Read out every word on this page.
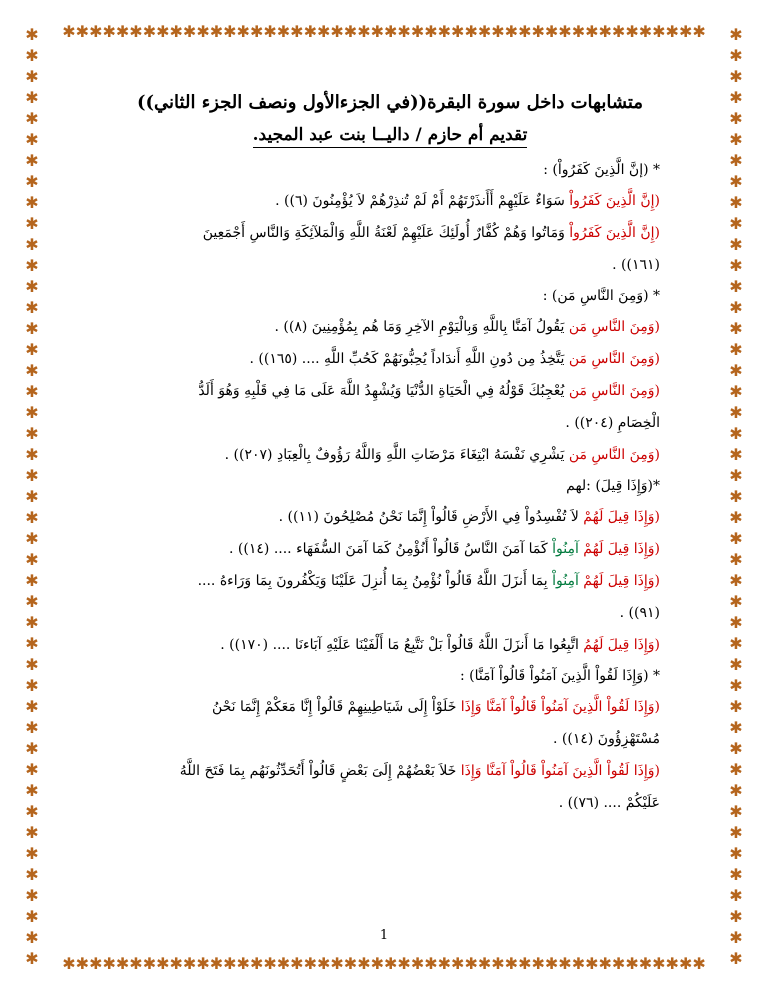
✱✱✱✱✱✱✱✱✱✱✱✱✱✱✱✱✱✱✱✱✱✱✱✱✱✱✱✱✱✱✱✱✱✱✱✱✱✱✱✱✱✱✱✱✱✱✱✱
✱✱✱✱✱✱✱✱✱✱✱✱✱✱✱✱✱✱✱✱✱✱✱✱✱✱✱✱✱✱✱✱✱✱✱✱✱✱✱✱✱✱✱✱✱✱✱✱
✱
✱
✱
✱
✱
✱
✱
✱
✱
✱
✱
✱
✱
✱
✱
✱
✱
✱
✱
✱
✱
✱
✱
✱
✱
✱
✱
✱
✱
✱
✱
✱
✱
✱
✱
✱
✱
✱
✱
✱
✱
✱
✱
✱
✱

✱
✱
✱
✱
✱
✱
✱
✱
✱
✱
✱
✱
✱
✱
✱
✱
✱
✱
✱
✱
✱
✱
✱
✱
✱
✱
✱
✱
✱
✱
✱
✱
✱
✱
✱
✱
✱
✱
✱
✱
✱
✱
✱
✱
✱

متشابهات داخل سورة البقرة((في الجزءالأول ونصف الجزء الثاني))
تقديم أم حازم / داليــا بنت عبد المجيد.
* (إنَّ الَّذِينَ كَفَرُواْ) :
(إِنَّ الَّذِينَ كَفَرُواْ سَوَاءٌ عَلَيْهِمْ أَأَنذَرْتَهُمْ أَمْ لَمْ تُنذِرْهُمْ لاَ يُؤْمِنُونَ (٦)) .
(إِنَّ الَّذِينَ كَفَرُواْ وَمَاتُوا وَهُمْ كُفَّارٌ أُولَئِكَ عَلَيْهِمْ لَعْنَةُ اللَّهِ وَالْمَلآئِكَةِ وَالنَّاسِ أَجْمَعِينَ
(١٦١)) .
* (وَمِنَ النَّاسِ مَن) :
(وَمِنَ النَّاسِ مَن يَقُولُ آمَنَّا بِاللَّهِ وَبِالْيَوْمِ الآخِرِ وَمَا هُم بِمُؤْمِنِينَ (٨)) .
(وَمِنَ النَّاسِ مَن يَتَّخِذُ مِن دُونِ اللَّهِ أَندَاداً يُحِبُّونَهُمْ كَحُبِّ اللَّهِ .... (١٦٥)) .
(وَمِنَ النَّاسِ مَن يُعْجِبُكَ قَوْلُهُ فِي الْحَيَاةِ الدُّنْيَا وَيُشْهِدُ اللَّهَ عَلَى مَا فِي قَلْبِهِ وَهُوَ أَلَدُّ
الْخِصَامِ (٢٠٤)) .
(وَمِنَ النَّاسِ مَن يَشْرِي نَفْسَهُ ابْتِغَاءَ مَرْضَاتِ اللَّهِ وَاللَّهُ رَؤُوفٌ بِالْعِبَادِ (٢٠٧)) .
*(وَإِذَا قِيلَ) :لهم
(وَإِذَا قِيلَ لَهُمْ لاَ تُفْسِدُواْ فِي الأَرْضِ قَالُواْ إِنَّمَا نَحْنُ مُصْلِحُونَ (١١)) .
(وَإِذَا قِيلَ لَهُمْ آمِنُواْ كَمَا آمَنَ النَّاسُ قَالُواْ أَنُؤْمِنُ كَمَا آمَنَ السُّفَهَاء .... (١٤)) .
(وَإِذَا قِيلَ لَهُمْ آمِنُواْ بِمَا أَنزَلَ اللَّهُ قَالُواْ نُؤْمِنُ بِمَا أُنزِلَ عَلَيْنَا وَيَكْفُرونَ بِمَا وَرَاءهُ ....
(٩١)) .
(وَإِذَا قِيلَ لَهُمُ اتَّبِعُوا مَا أَنزَلَ اللَّهُ قَالُواْ بَلْ نَتَّبِعُ مَا أَلْفَيْنَا عَلَيْهِ آبَاءنَا .... (١٧٠)) .
* (وَإِذَا لَقُواْ الَّذِينَ آمَنُواْ قَالُواْ آمَنَّا) :
(وَإِذَا لَقُواْ الَّذِينَ آمَنُواْ قَالُواْ آمَنَّا وَإِذَا خَلَوْاْ إِلَى شَيَاطِينِهِمْ قَالُواْ إِنَّا مَعَكْمْ إِنَّمَا نَحْنُ
مُسْتَهْزِؤُونَ (١٤)) .
(وَإِذَا لَقُواْ الَّذِينَ آمَنُواْ قَالُواْ آمَنَّا وَإِذَا خَلاَ بَعْضُهُمْ إِلَىَ بَعْضٍ قَالُواْ أَتُحَدِّثُونَهُم بِمَا فَتَحَ اللَّهُ
عَلَيْكُمْ .... (٧٦)) .
1
